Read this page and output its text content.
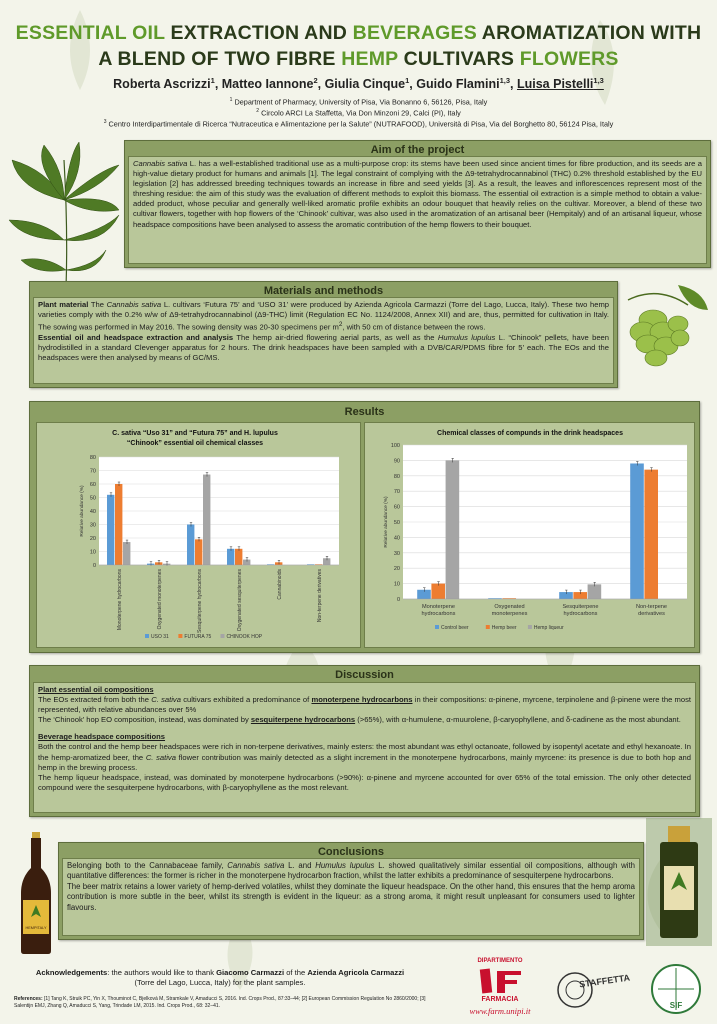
ESSENTIAL OIL EXTRACTION AND BEVERAGES AROMATIZATION WITH A BLEND OF TWO FIBRE HEMP CULTIVARS FLOWERS
Roberta Ascrizzi$^1$, Matteo Iannone$^2$, Giulia Cinque$^1$, Guido Flamini$^{1,3}$, Luisa Pistelli$^{1,3}$
$^1$ Department of Pharmacy, University of Pisa, Via Bonanno 6, 56126, Pisa, Italy
$^2$ Circolo ARCI La Staffetta, Via Don Minzoni 29, Calci (PI), Italy
$^3$ Centro Interdipartimentale di Ricerca “Nutraceutica e Alimentazione per la Salute” (NUTRAFOOD), Università di Pisa, Via del Borghetto 80, 56124 Pisa, Italy
Aim of the project
Cannabis sativa L. has a well-established traditional use as a multi-purpose crop: its stems have been used since ancient times for fibre production, and its seeds are a high-value dietary product for humans and animals [1]. The legal constraint of complying with the Δ9-tetrahydrocannabinol (THC) 0.2% threshold established by the EU legislation [2] has addressed breeding techniques towards an increase in fibre and seed yields [3]. As a result, the leaves and inflorescences represent most of the threshing residue: the aim of this study was the evaluation of different methods to exploit this biomass. The essential oil extraction is a simple method to obtain a value-added product, whose peculiar and generally well-liked aromatic profile exhibits an odour bouquet that heavily relies on the cultivar. Moreover, a blend of these two cultivar flowers, together with hop flowers of the ‘Chinook’ cultivar, was also used in the aromatization of an artisanal beer (Hempitaly) and of an artisanal liqueur, whose headspace compositions have been analysed to assess the aromatic contribution of the hemp flowers to their bouquet.
Materials and methods
Plant material The Cannabis sativa L. cultivars ‘Futura 75’ and ‘USO 31’ were produced by Azienda Agricola Carmazzi (Torre del Lago, Lucca, Italy). These two hemp varieties comply with the 0.2% w/w of Δ9-tetrahydrocannabinol (Δ9-THC) limit (Regulation EC No. 1124/2008, Annex XII) and are, thus, permitted for cultivation in Italy. The sowing was performed in May 2016. The sowing density was 20-30 specimens per $m^2$, with 50 cm of distance between the rows.
Essential oil and headspace extraction and analysis The hemp air-dried flowering aerial parts, as well as the Humulus lupulus L. “Chinook” pellets, have been hydrodistilled in a standard Clevenger apparatus for 2 hours. The drink headspaces have been sampled with a DVB/CAR/PDMS fibre for 5’ each. The EOs and the headspaces were then analysed by means of GC/MS.
Results
0
10
20
30
40
50
60
70
80
C. sativa “Uso 31” and “Futura 75” and H. lupulus
“Chinook” essential oil chemical classes
Relative abundance (%)
Monoterpene hydrocarbons	Oxygenated monoterpenes	Sesquiterpene hydrocarbons	Oxygenated sesquiterpenes	Cannabinoids	Non-terpene derivatives
USO 31	FUTURA 75	CHINOOK HOP
0
10
20
30
40
50
60
70
80
90
100
Chemical classes of compunds in the drink headspaces
Relative abundance (%)
Monoterpene
hydrocarbons
Oxygenated
monoterpenes
Sesquiterpene
hydrocarbons
Non-terpene
derivatives
Control beer	Hemp beer	Hemp liqueur
Discussion
Plant essential oil compositions
The EOs extracted from both the C. sativa cultivars exhibited a predominance of monoterpene hydrocarbons in their compositions: α-pinene, myrcene, terpinolene and β-pinene were the most represented, with relative abundances over 5%
The ‘Chinook’ hop EO composition, instead, was dominated by sesquiterpene hydrocarbons (>65%), with α-humulene, α-muurolene, β-caryophyllene, and δ-cadinene as the most abundant.
Beverage headspace compositions
Both the control and the hemp beer headspaces were rich in non-terpene derivatives, mainly esters: the most abundant was ethyl octanoate, followed by isopentyl acetate and ethyl hexanoate. In the hemp-aromatized beer, the C. sativa flower contribution was mainly detected as a slight increment in the monoterpene hydrocarbons, mainly myrcene: its presence is due to both hop and hemp in the brewing process.
The hemp liqueur headspace, instead, was dominated by monoterpene hydrocarbons (>90%): α-pinene and myrcene accounted for over 65% of the total emission. The only other detected compound were the sesquiterpene hydrocarbons, with β-caryophyllene as the most relevant.
HEMPITALY
Conclusions
Belonging both to the Cannabaceae family, Cannabis sativa L. and Humulus lupulus L. showed qualitatively similar essential oil compositions, although with quantitative differences: the former is richer in the monoterpene hydrocarbon fraction, whilst the latter exhibits a predominance of sesquiterpene hydrocarbons.
The beer matrix retains a lower variety of hemp-derived volatiles, whilst they dominate the liqueur headspace. On the other hand, this ensures that the hemp aroma contribution is more subtle in the beer, whilst its strength is evident in the liqueur: as a strong aroma, it might result unpleasant for consumers used to lighter flavours.
Acknowledgements: the authors would like to thank Giacomo Carmazzi of the Azienda Agricola Carmazzi
(Torre del Lago, Lucca, Italy) for the plant samples.
References: [1] Tang K, Struik PC, Yin X, Thouminot C, Bjelková M, Stramkale V, Amaducci S, 2016. Ind. Crops Prod., 87:33–44; [2] European Commission Regulation No 2860/2000; [3] Salentijn EMJ, Zhang Q, Amaducci S, Yang, Trindade LM, 2015. Ind. Crops Prod., 68: 32–41.
DIPARTIMENTO
FARMACIA
www.farm.unipi.it
STAFFETTA
SIF
